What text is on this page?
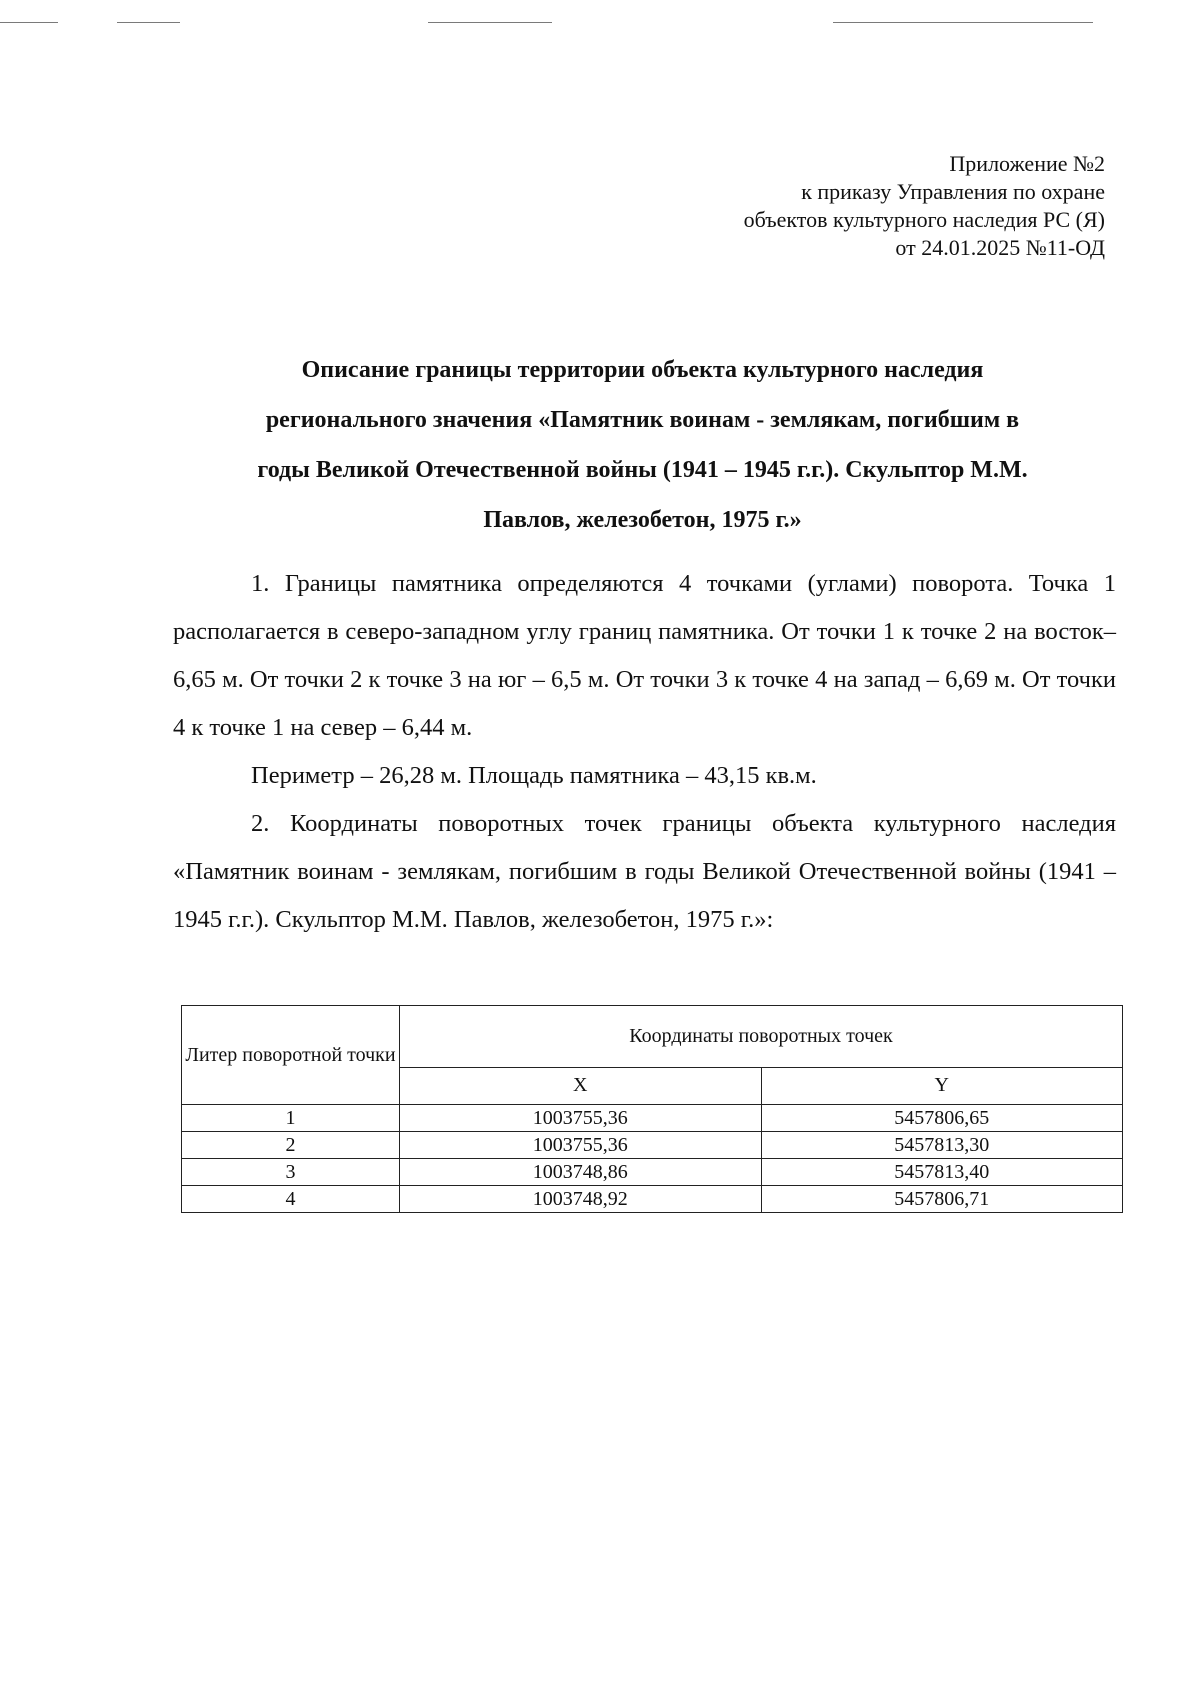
Приложение №2
к приказу Управления по охране
объектов культурного наследия РС (Я)
от 24.01.2025 №11-ОД
Описание границы территории объекта культурного наследия
регионального значения «Памятник воинам - землякам, погибшим в
годы Великой Отечественной войны (1941 – 1945 г.г.). Скульптор М.М.
Павлов, железобетон, 1975 г.»

1. Границы памятника определяются 4 точками (углами) поворота. Точка 1 располагается в северо-западном углу границ памятника. От точки 1 к точке 2 на восток– 6,65 м. От точки 2 к точке 3 на юг – 6,5 м. От точки 3 к точке 4 на запад – 6,69 м. От точки 4 к точке 1 на север – 6,44 м.

Периметр – 26,28 м. Площадь памятника – 43,15 кв.м.

2. Координаты поворотных точек границы объекта культурного наследия «Памятник воинам - землякам, погибшим в годы Великой Отечественной войны (1941 – 1945 г.г.). Скульптор М.М. Павлов, железобетон, 1975 г.»:

Литер поворотной точки	Координаты поворотных точек	
	X	Y
1	1003755,36	5457806,65
2	1003755,36	5457813,30
3	1003748,86	5457813,40
4	1003748,92	5457806,71
